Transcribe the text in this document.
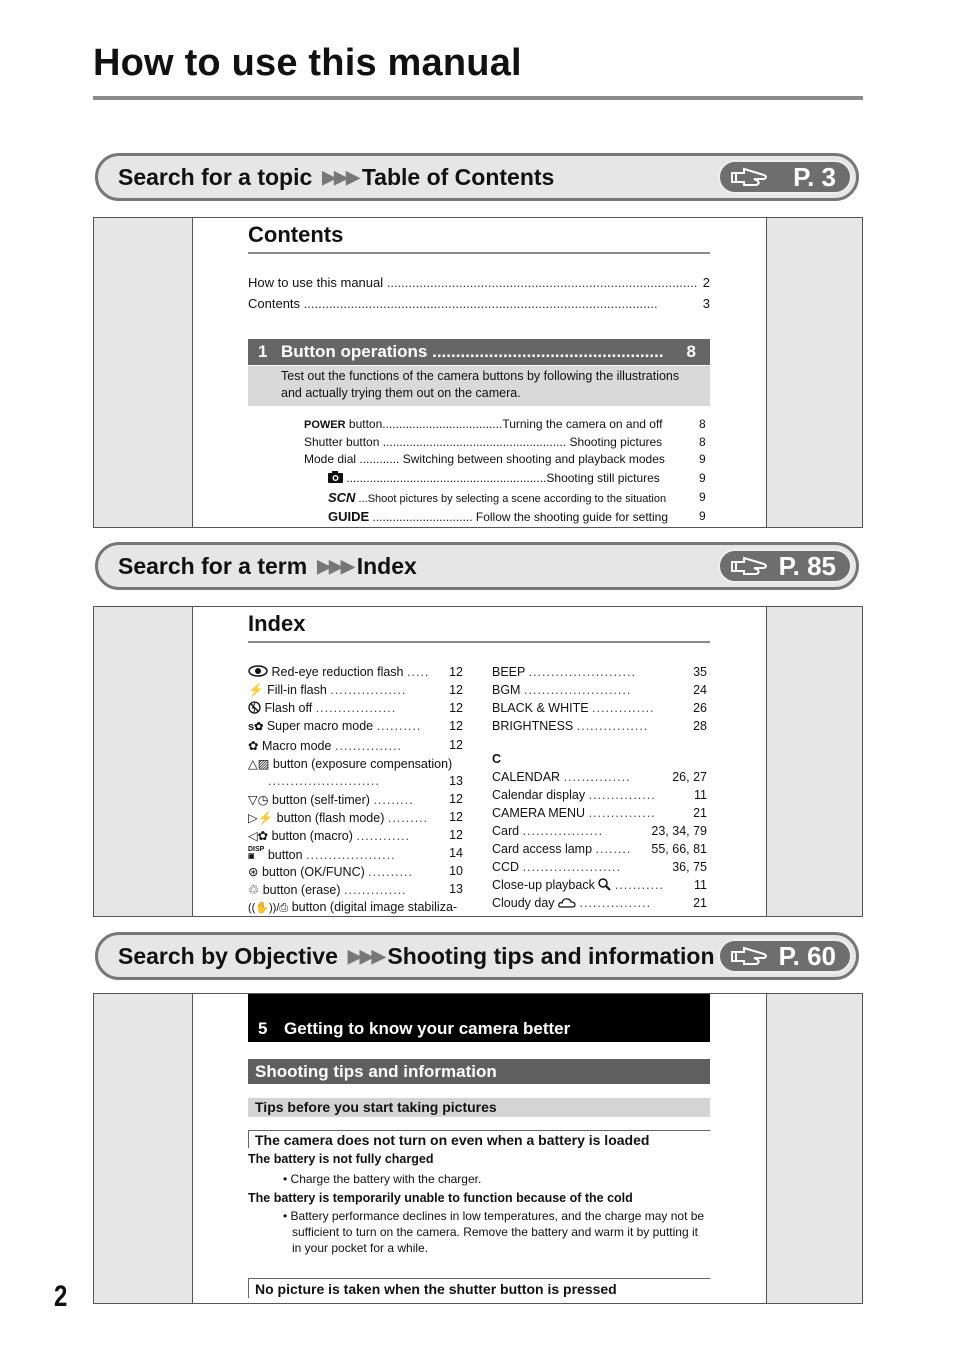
How to use this manual
Search for a topic ▶▶▶ Table of Contents	P. 3
Contents
How to use this manual ...................................................................................... 2
Contents ..................................................................................................	3
1 Button operations ................................................. 8
Test out the functions of the camera buttons by following the illustrations
and actually trying them out on the camera.
POWER button....................................Turning the camera on and off	8
Shutter button ....................................................... Shooting pictures	8
Mode dial ............ Switching between shooting and playback modes	9
............................................................Shooting still pictures	9
SCN ...Shoot pictures by selecting a scene according to the situation	9
GUIDE .............................. Follow the shooting guide for setting	9
Search for a term ▶▶▶ Index	P. 85
Index
Red-eye reduction flash ..... 12
⚡ Fill-in flash .................	12
Flash off ..................	12
s✿ Super macro mode .......... 12
✿ Macro mode ...............	12
△▨ button (exposure compensation)
.........................	13
▽◷ button (self-timer) .........	12
▷⚡ button (flash mode) ......... 12
◁✿ button (macro) ............	12
DISP
▣ button ....................	14
⊛ button (OK/FUNC) ..........	10
♲ button (erase) ..............	13
((✋))/⎙ button (digital image stabiliza-
BEEP ........................	35
BGM ........................	24
BLACK & WHITE ..............	26
BRIGHTNESS ................	28
C
CALENDAR ...............	26, 27
Calendar display ...............	11
CAMERA MENU ...............	21
Card ..................	23, 34, 79
Card access lamp ........ 55, 66, 81
CCD ......................	36, 75
Close-up playback ........... 11
Cloudy day ................	21
Search by Objective ▶▶▶ Shooting tips and information	P. 60
5 Getting to know your camera better
Shooting tips and information
Tips before you start taking pictures
The camera does not turn on even when a battery is loaded
The battery is not fully charged
• Charge the battery with the charger.
The battery is temporarily unable to function because of the cold
• Battery performance declines in low temperatures, and the charge may not be
sufficient to turn on the camera. Remove the battery and warm it by putting it
in your pocket for a while.
No picture is taken when the shutter button is pressed
2
